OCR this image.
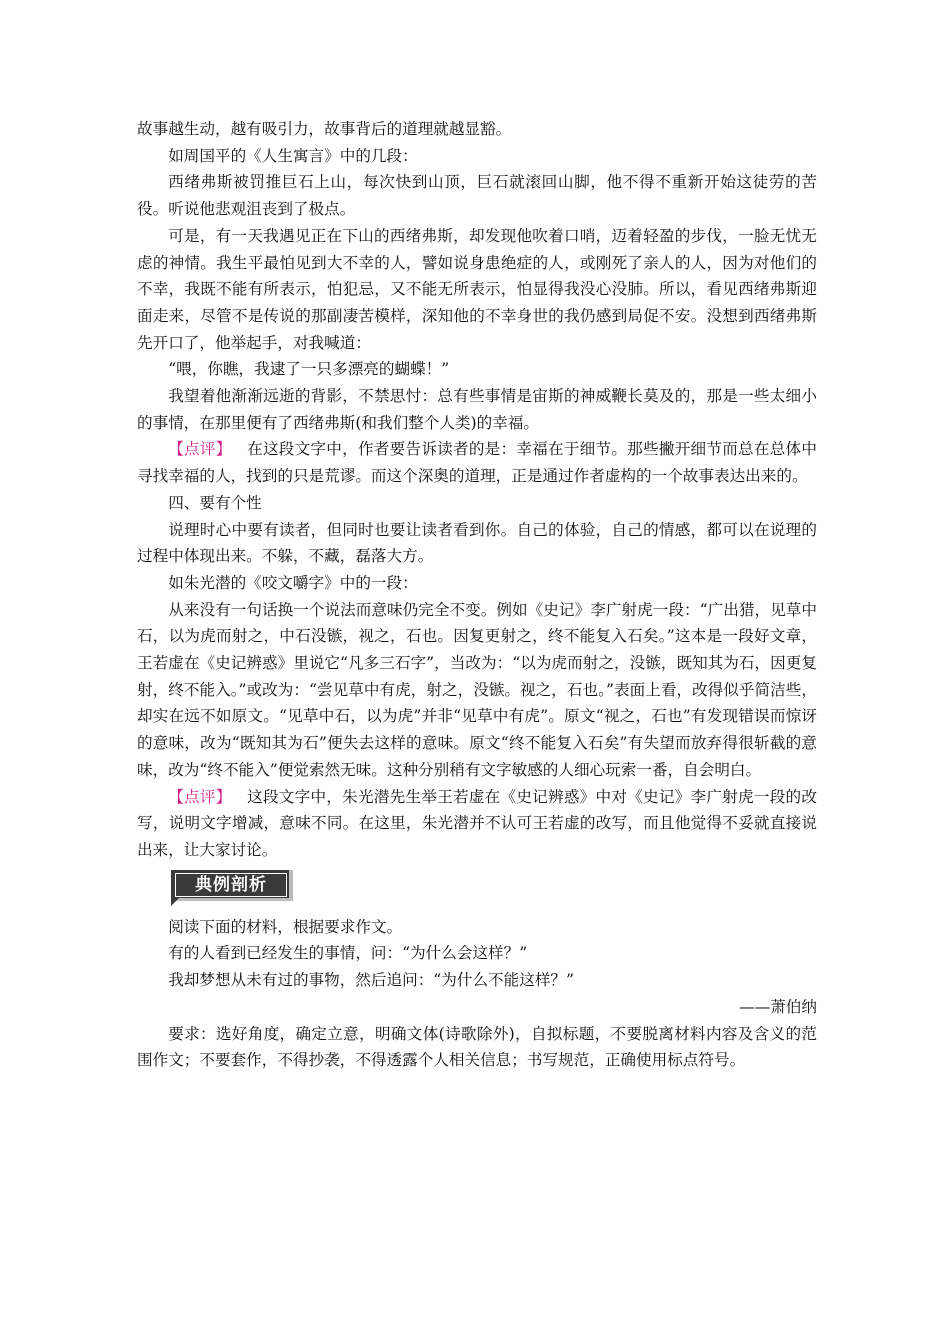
故事越生动，越有吸引力，故事背后的道理就越显豁。

如周国平的《人生寓言》中的几段：

西绪弗斯被罚推巨石上山，每次快到山顶，巨石就滚回山脚，他不得不重新开始这徒劳的苦役。听说他悲观沮丧到了极点。

可是，有一天我遇见正在下山的西绪弗斯，却发现他吹着口哨，迈着轻盈的步伐，一脸无忧无虑的神情。我生平最怕见到大不幸的人，譬如说身患绝症的人，或刚死了亲人的人，因为对他们的不幸，我既不能有所表示，怕犯忌，又不能无所表示，怕显得我没心没肺。所以，看见西绪弗斯迎面走来，尽管不是传说的那副凄苦模样，深知他的不幸身世的我仍感到局促不安。没想到西绪弗斯先开口了，他举起手，对我喊道：

“喂，你瞧，我逮了一只多漂亮的蝴蝶！”

我望着他渐渐远逝的背影，不禁思忖：总有些事情是宙斯的神威鞭长莫及的，那是一些太细小的事情，在那里便有了西绪弗斯(和我们整个人类)的幸福。

【点评】 在这段文字中，作者要告诉读者的是：幸福在于细节。那些撇开细节而总在总体中寻找幸福的人，找到的只是荒谬。而这个深奥的道理，正是通过作者虚构的一个故事表达出来的。

四、要有个性

说理时心中要有读者，但同时也要让读者看到你。自己的体验，自己的情感，都可以在说理的过程中体现出来。不躲，不藏，磊落大方。

如朱光潜的《咬文嚼字》中的一段：

从来没有一句话换一个说法而意味仍完全不变。例如《史记》李广射虎一段：“广出猎，见草中石，以为虎而射之，中石没镞，视之，石也。因复更射之，终不能复入石矣。”这本是一段好文章，王若虚在《史记辨惑》里说它“凡多三石字”，当改为：“以为虎而射之，没镞，既知其为石，因更复射，终不能入。”或改为：“尝见草中有虎，射之，没镞。视之，石也。”表面上看，改得似乎简洁些，却实在远不如原文。“见草中石，以为虎”并非“见草中有虎”。原文“视之，石也”有发现错误而惊讶的意味，改为“既知其为石”便失去这样的意味。原文“终不能复入石矣”有失望而放弃得很斩截的意味，改为“终不能入”便觉索然无味。这种分别稍有文字敏感的人细心玩索一番，自会明白。

【点评】 这段文字中，朱光潜先生举王若虚在《史记辨惑》中对《史记》李广射虎一段的改写，说明文字增减，意味不同。在这里，朱光潜并不认可王若虚的改写，而且他觉得不妥就直接说出来，让大家讨论。

典例剖析

阅读下面的材料，根据要求作文。

有的人看到已经发生的事情，问：“为什么会这样？”

我却梦想从未有过的事物，然后追问：“为什么不能这样？”

——萧伯纳

要求：选好角度，确定立意，明确文体(诗歌除外)，自拟标题，不要脱离材料内容及含义的范围作文；不要套作，不得抄袭，不得透露个人相关信息；书写规范，正确使用标点符号。
